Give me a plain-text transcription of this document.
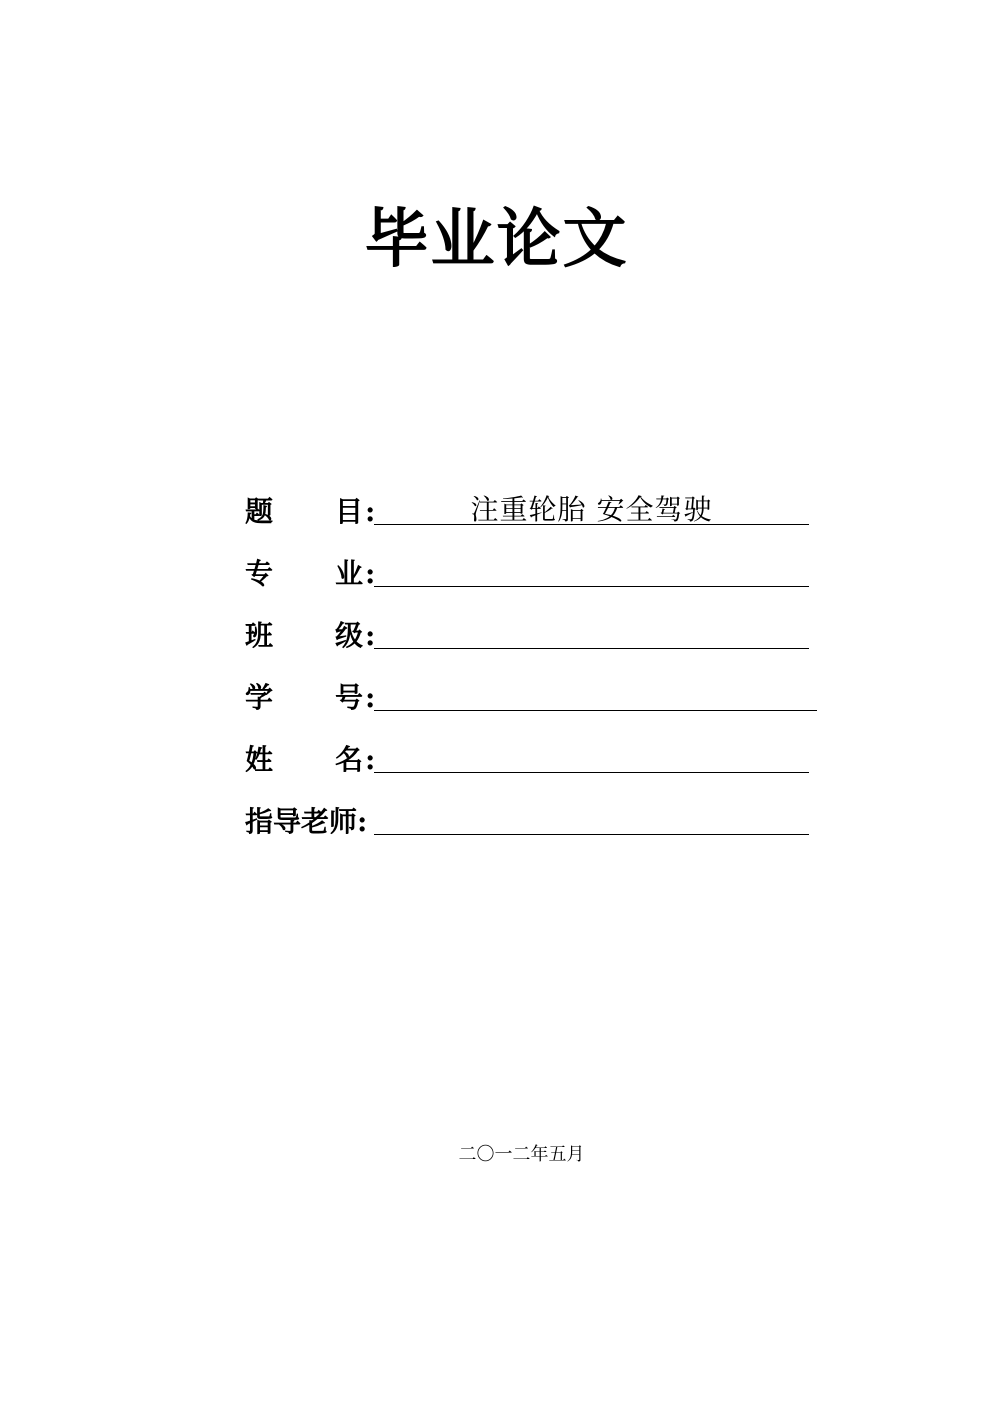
毕业论文
题 目 :	注重轮胎 安全驾驶
专 业 :
班 级 :
学 号 :
姓 名 :
指导老师:
二〇一二年五月
